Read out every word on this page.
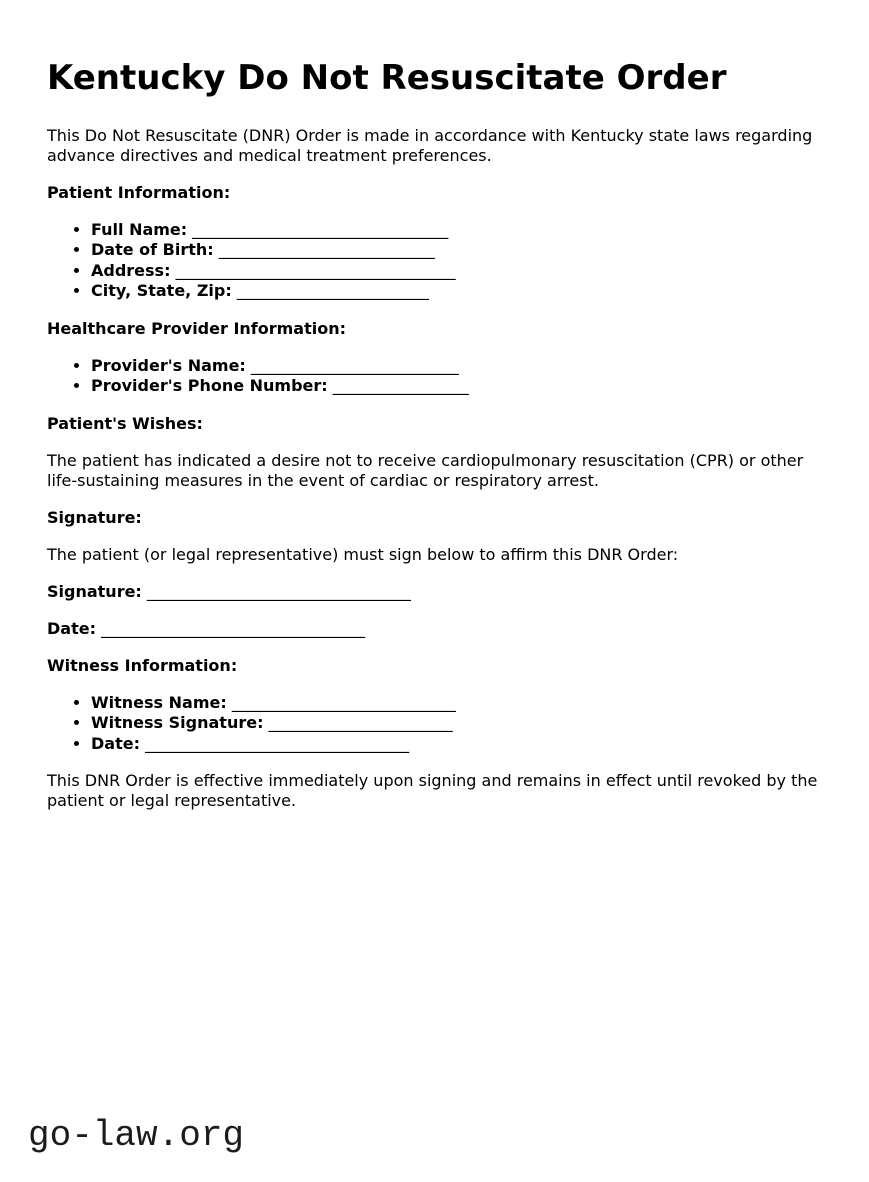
Kentucky Do Not Resuscitate Order

This Do Not Resuscitate (DNR) Order is made in accordance with Kentucky state laws regarding advance directives and medical treatment preferences.

Patient Information:

• Full Name: ________________________________
• Date of Birth: ___________________________
• Address: ___________________________________
• City, State, Zip: ________________________

Healthcare Provider Information:

• Provider's Name: __________________________
• Provider's Phone Number: _________________

Patient's Wishes:

The patient has indicated a desire not to receive cardiopulmonary resuscitation (CPR) or other life-sustaining measures in the event of cardiac or respiratory arrest.

Signature:

The patient (or legal representative) must sign below to affirm this DNR Order:

Signature: _________________________________

Date: _________________________________

Witness Information:

• Witness Name: ____________________________
• Witness Signature: _______________________
• Date: _________________________________

This DNR Order is effective immediately upon signing and remains in effect until revoked by the patient or legal representative.

go-law.org
